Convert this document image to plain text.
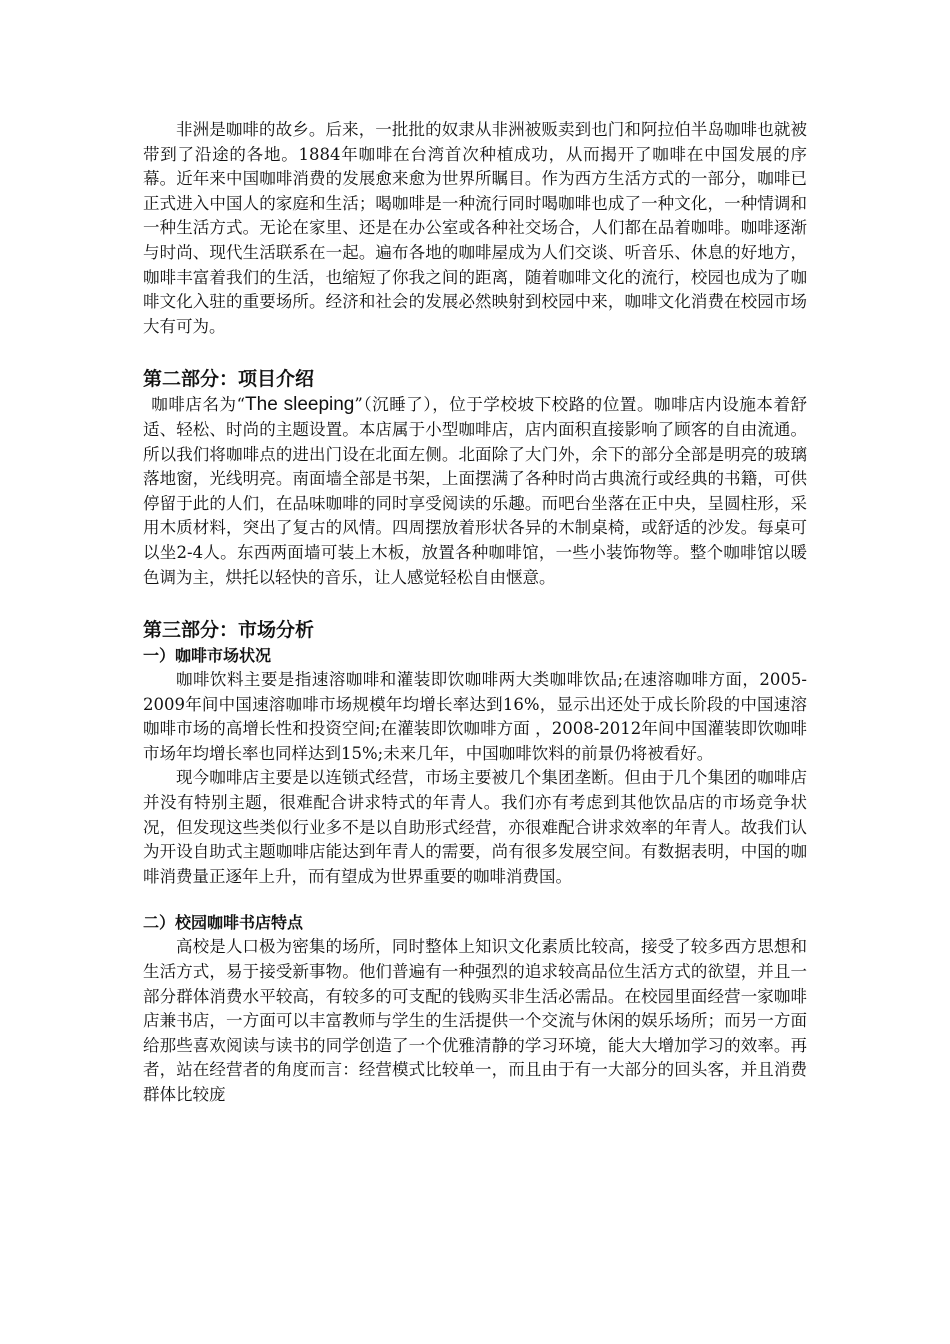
非洲是咖啡的故乡。后来，一批批的奴隶从非洲被贩卖到也门和阿拉伯半岛咖啡也就被带到了沿途的各地。1884年咖啡在台湾首次种植成功，从而揭开了咖啡在中国发展的序幕。近年来中国咖啡消费的发展愈来愈为世界所瞩目。作为西方生活方式的一部分，咖啡已正式进入中国人的家庭和生活；喝咖啡是一种流行同时喝咖啡也成了一种文化，一种情调和一种生活方式。无论在家里、还是在办公室或各种社交场合，人们都在品着咖啡。咖啡逐渐与时尚、现代生活联系在一起。遍布各地的咖啡屋成为人们交谈、听音乐、休息的好地方，咖啡丰富着我们的生活，也缩短了你我之间的距离，随着咖啡文化的流行，校园也成为了咖啡文化入驻的重要场所。经济和社会的发展必然映射到校园中来，咖啡文化消费在校园市场大有可为。

第二部分：项目介绍

咖啡店名为“The sleeping”（沉睡了），位于学校坡下校路的位置。咖啡店内设施本着舒适、轻松、时尚的主题设置。本店属于小型咖啡店，店内面积直接影响了顾客的自由流通。所以我们将咖啡点的进出门设在北面左侧。北面除了大门外，余下的部分全部是明亮的玻璃落地窗，光线明亮。南面墙全部是书架，上面摆满了各种时尚古典流行或经典的书籍，可供停留于此的人们，在品味咖啡的同时享受阅读的乐趣。而吧台坐落在正中央，呈圆柱形，采用木质材料，突出了复古的风情。四周摆放着形状各异的木制桌椅，或舒适的沙发。每桌可以坐2-4人。东西两面墙可装上木板，放置各种咖啡馆，一些小装饰物等。整个咖啡馆以暖色调为主，烘托以轻快的音乐，让人感觉轻松自由惬意。

第三部分：市场分析
一）咖啡市场状况

咖啡饮料主要是指速溶咖啡和灌装即饮咖啡两大类咖啡饮品;在速溶咖啡方面，2005-2009年间中国速溶咖啡市场规模年均增长率达到16%，显示出还处于成长阶段的中国速溶咖啡市场的高增长性和投资空间;在灌装即饮咖啡方面 ，2008-2012年间中国灌装即饮咖啡市场年均增长率也同样达到15%;未来几年，中国咖啡饮料的前景仍将被看好。

现今咖啡店主要是以连锁式经营，市场主要被几个集团垄断。但由于几个集团的咖啡店并没有特别主题，很难配合讲求特式的年青人。我们亦有考虑到其他饮品店的市场竞争状况，但发现这些类似行业多不是以自助形式经营，亦很难配合讲求效率的年青人。故我们认为开设自助式主题咖啡店能达到年青人的需要，尚有很多发展空间。有数据表明，中国的咖啡消费量正逐年上升，而有望成为世界重要的咖啡消费国。

二）校园咖啡书店特点

高校是人口极为密集的场所，同时整体上知识文化素质比较高，接受了较多西方思想和生活方式，易于接受新事物。他们普遍有一种强烈的追求较高品位生活方式的欲望，并且一部分群体消费水平较高，有较多的可支配的钱购买非生活必需品。在校园里面经营一家咖啡店兼书店，一方面可以丰富教师与学生的生活提供一个交流与休闲的娱乐场所；而另一方面给那些喜欢阅读与读书的同学创造了一个优雅清静的学习环境，能大大增加学习的效率。再者，站在经营者的角度而言：经营模式比较单一，而且由于有一大部分的回头客，并且消费群体比较庞
